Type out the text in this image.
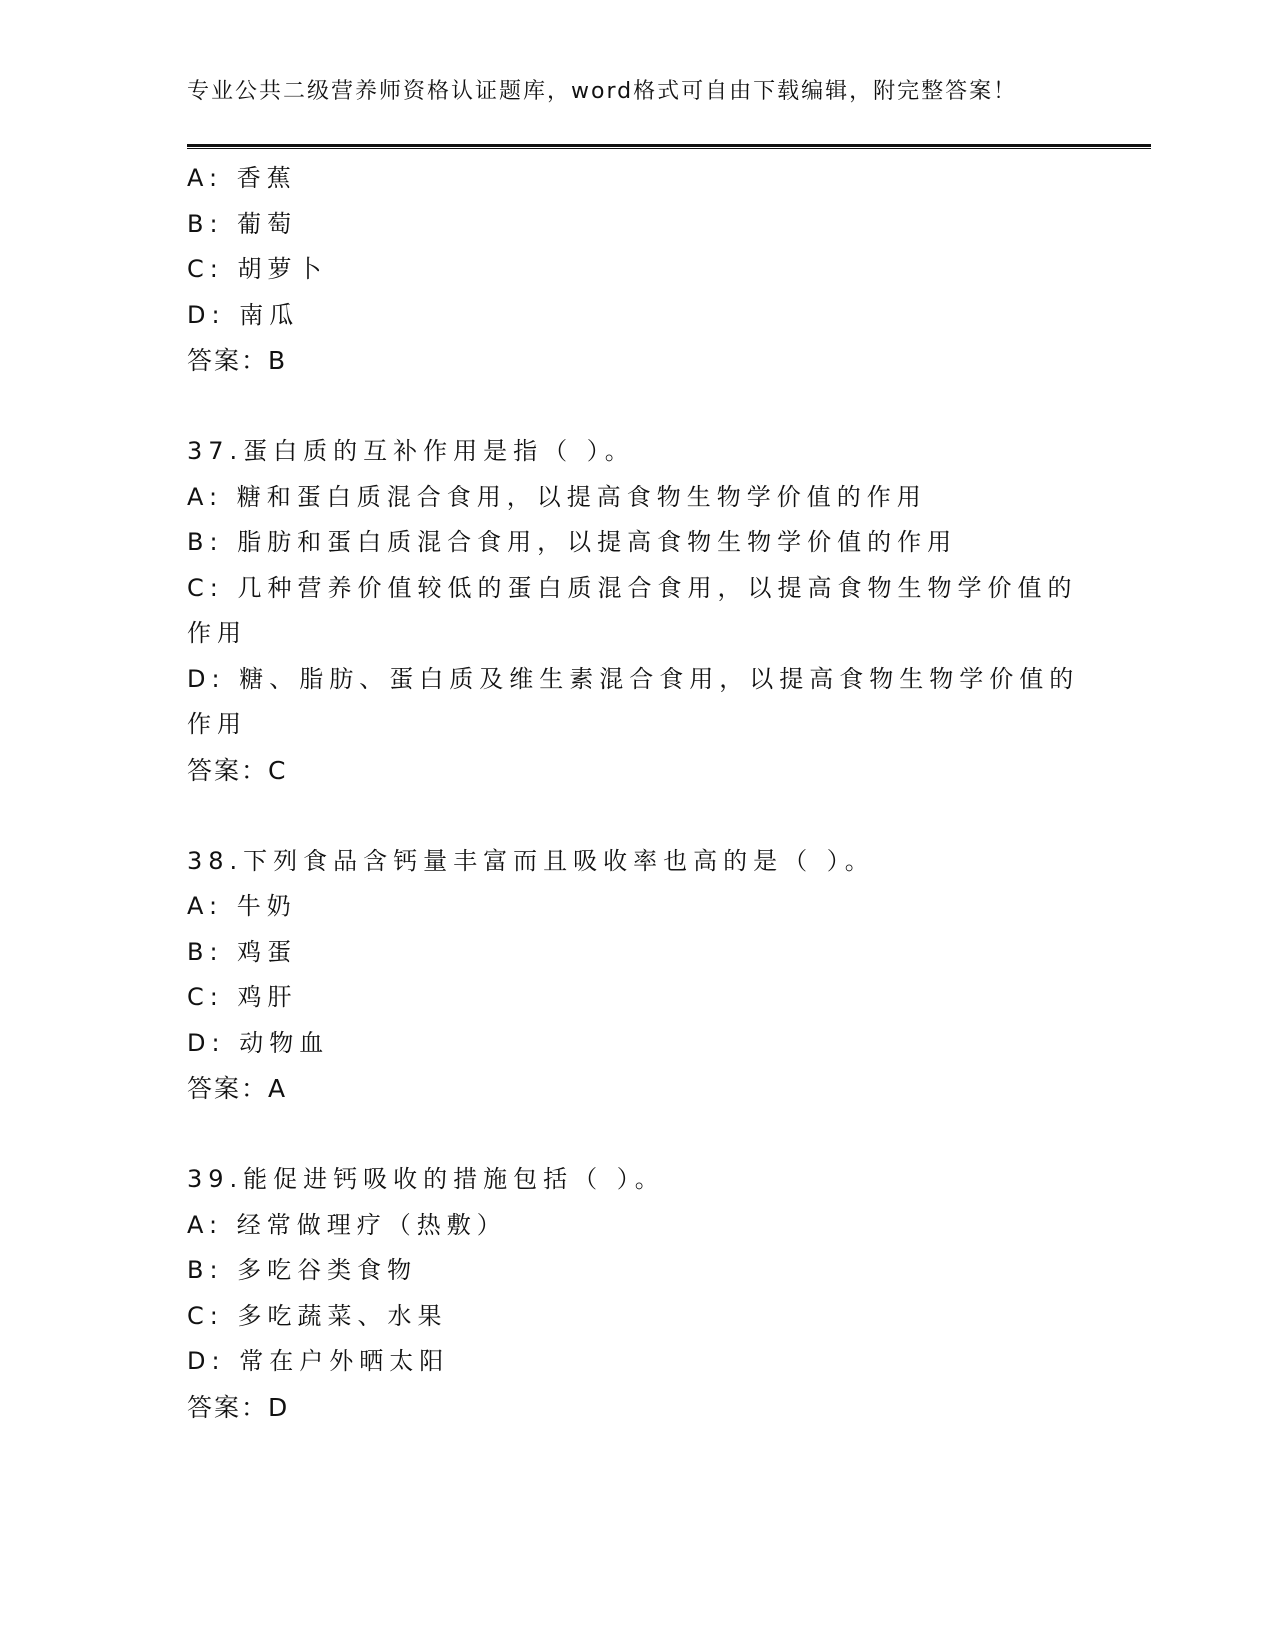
专业公共二级营养师资格认证题库，word格式可自由下载编辑，附完整答案！
A: 香蕉
B: 葡萄
C: 胡萝卜
D: 南瓜
答案：B
37.蛋白质的互补作用是指（ ）。
A: 糖和蛋白质混合食用，以提高食物生物学价值的作用
B: 脂肪和蛋白质混合食用，以提高食物生物学价值的作用
C: 几种营养价值较低的蛋白质混合食用，以提高食物生物学价值的作用
D: 糖、脂肪、蛋白质及维生素混合食用，以提高食物生物学价值的作用
答案：C
38.下列食品含钙量丰富而且吸收率也高的是（ ）。
A: 牛奶
B: 鸡蛋
C: 鸡肝
D: 动物血
答案：A
39.能促进钙吸收的措施包括（ ）。
A: 经常做理疗（热敷）
B: 多吃谷类食物
C: 多吃蔬菜、水果
D: 常在户外晒太阳
答案：D
